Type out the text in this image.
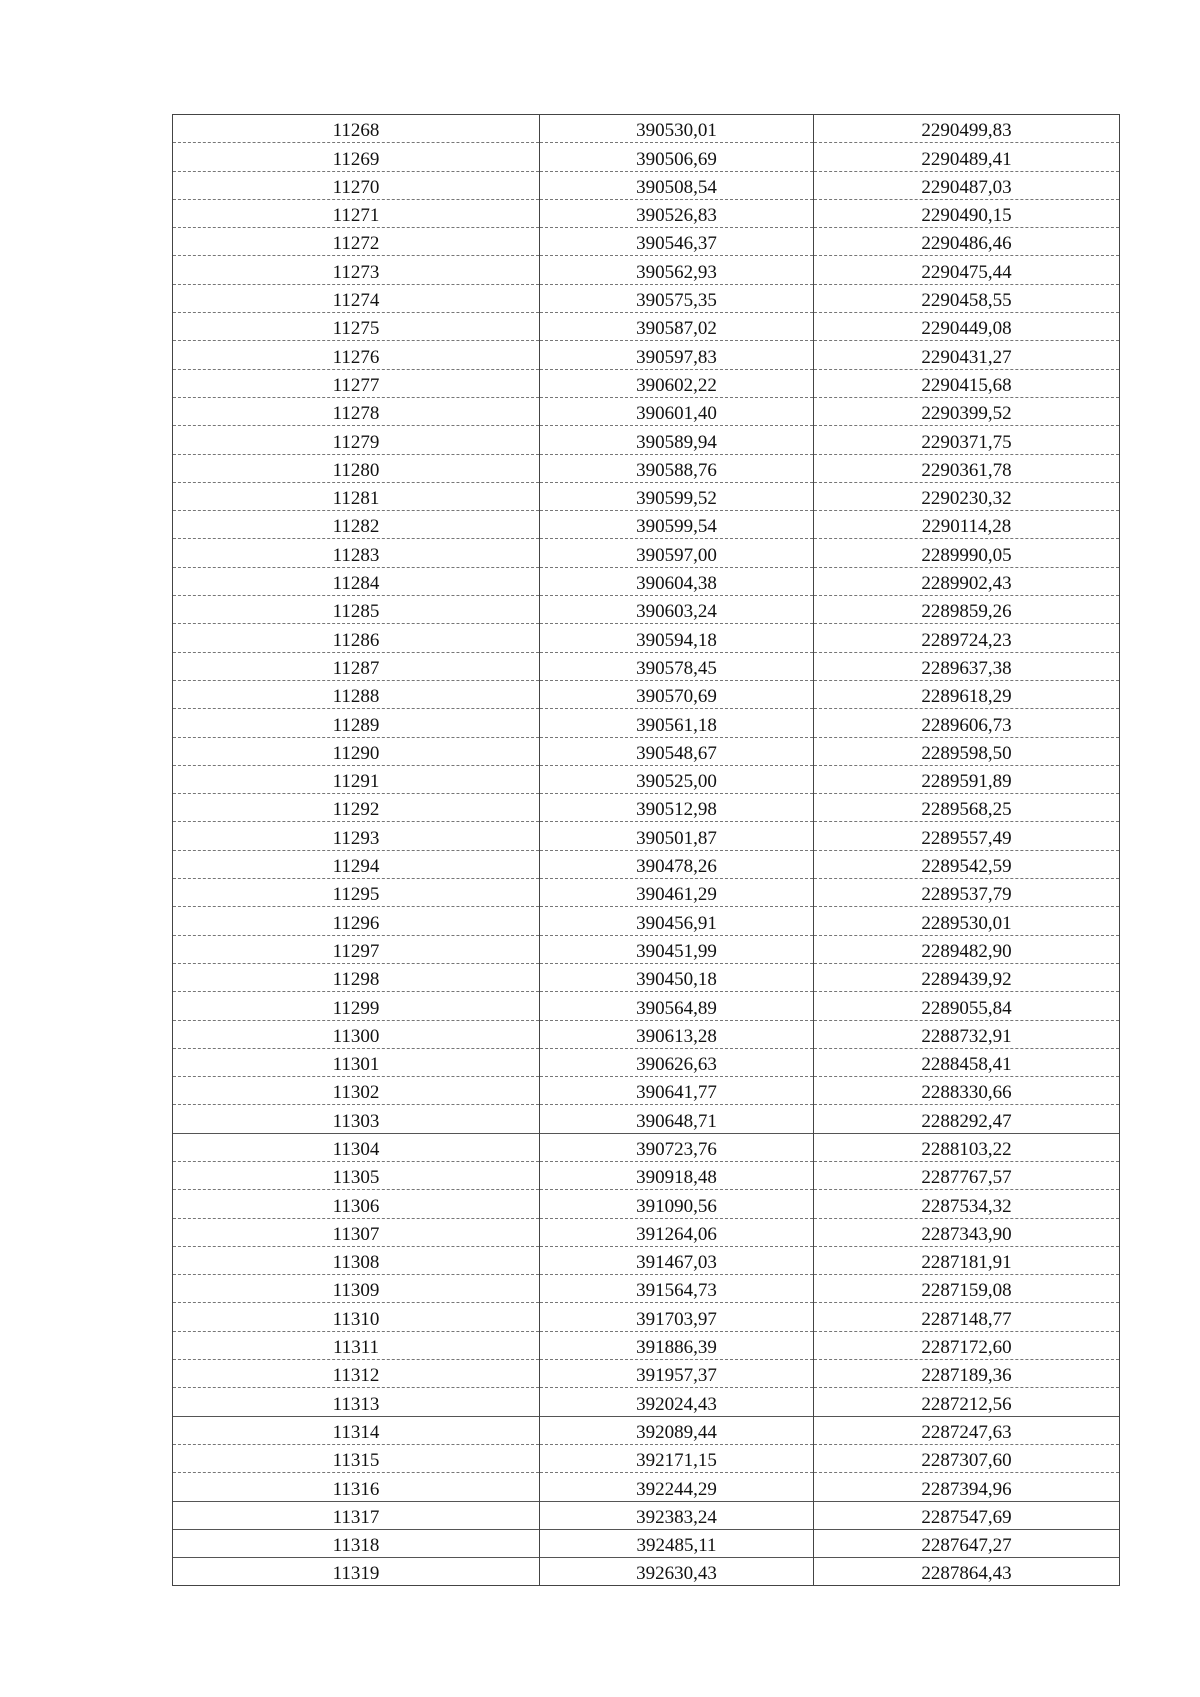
11268	390530,01	2290499,83
11269	390506,69	2290489,41
11270	390508,54	2290487,03
11271	390526,83	2290490,15
11272	390546,37	2290486,46
11273	390562,93	2290475,44
11274	390575,35	2290458,55
11275	390587,02	2290449,08
11276	390597,83	2290431,27
11277	390602,22	2290415,68
11278	390601,40	2290399,52
11279	390589,94	2290371,75
11280	390588,76	2290361,78
11281	390599,52	2290230,32
11282	390599,54	2290114,28
11283	390597,00	2289990,05
11284	390604,38	2289902,43
11285	390603,24	2289859,26
11286	390594,18	2289724,23
11287	390578,45	2289637,38
11288	390570,69	2289618,29
11289	390561,18	2289606,73
11290	390548,67	2289598,50
11291	390525,00	2289591,89
11292	390512,98	2289568,25
11293	390501,87	2289557,49
11294	390478,26	2289542,59
11295	390461,29	2289537,79
11296	390456,91	2289530,01
11297	390451,99	2289482,90
11298	390450,18	2289439,92
11299	390564,89	2289055,84
11300	390613,28	2288732,91
11301	390626,63	2288458,41
11302	390641,77	2288330,66
11303	390648,71	2288292,47
11304	390723,76	2288103,22
11305	390918,48	2287767,57
11306	391090,56	2287534,32
11307	391264,06	2287343,90
11308	391467,03	2287181,91
11309	391564,73	2287159,08
11310	391703,97	2287148,77
11311	391886,39	2287172,60
11312	391957,37	2287189,36
11313	392024,43	2287212,56
11314	392089,44	2287247,63
11315	392171,15	2287307,60
11316	392244,29	2287394,96
11317	392383,24	2287547,69
11318	392485,11	2287647,27
11319	392630,43	2287864,43
